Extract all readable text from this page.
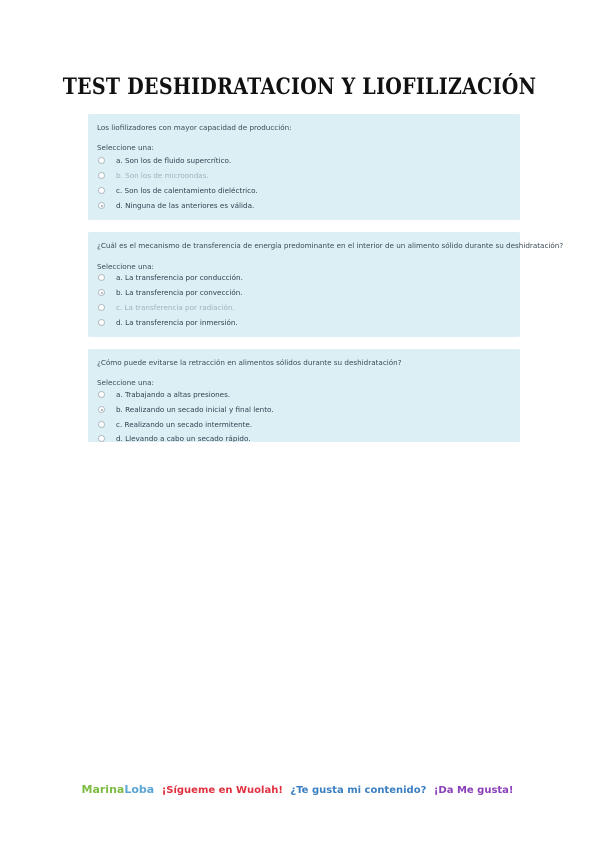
TEST DESHIDRATACION Y LIOFILIZACIÓN
Los liofilizadores con mayor capacidad de producción:
Seleccione una:
a. Son los de fluido supercrítico.
b. Son los de microondas.
c. Son los de calentamiento dieléctrico.
d. Ninguna de las anteriores es válida.
¿Cuál es el mecanismo de transferencia de energía predominante en el interior de un alimento sólido durante su deshidratación?
Seleccione una:
a. La transferencia por conducción.
b. La transferencia por convección.
c. La transferencia por radiación.
d. La transferencia por inmersión.
¿Cómo puede evitarse la retracción en alimentos sólidos durante su deshidratación?
Seleccione una:
a. Trabajando a altas presiones.
b. Realizando un secado inicial y final lento.
c. Realizando un secado intermitente.
d. Llevando a cabo un secado rápido.
MarinaLoba ¡Sígueme en Wuolah! ¿Te gusta mi contenido? ¡Da Me gusta!
